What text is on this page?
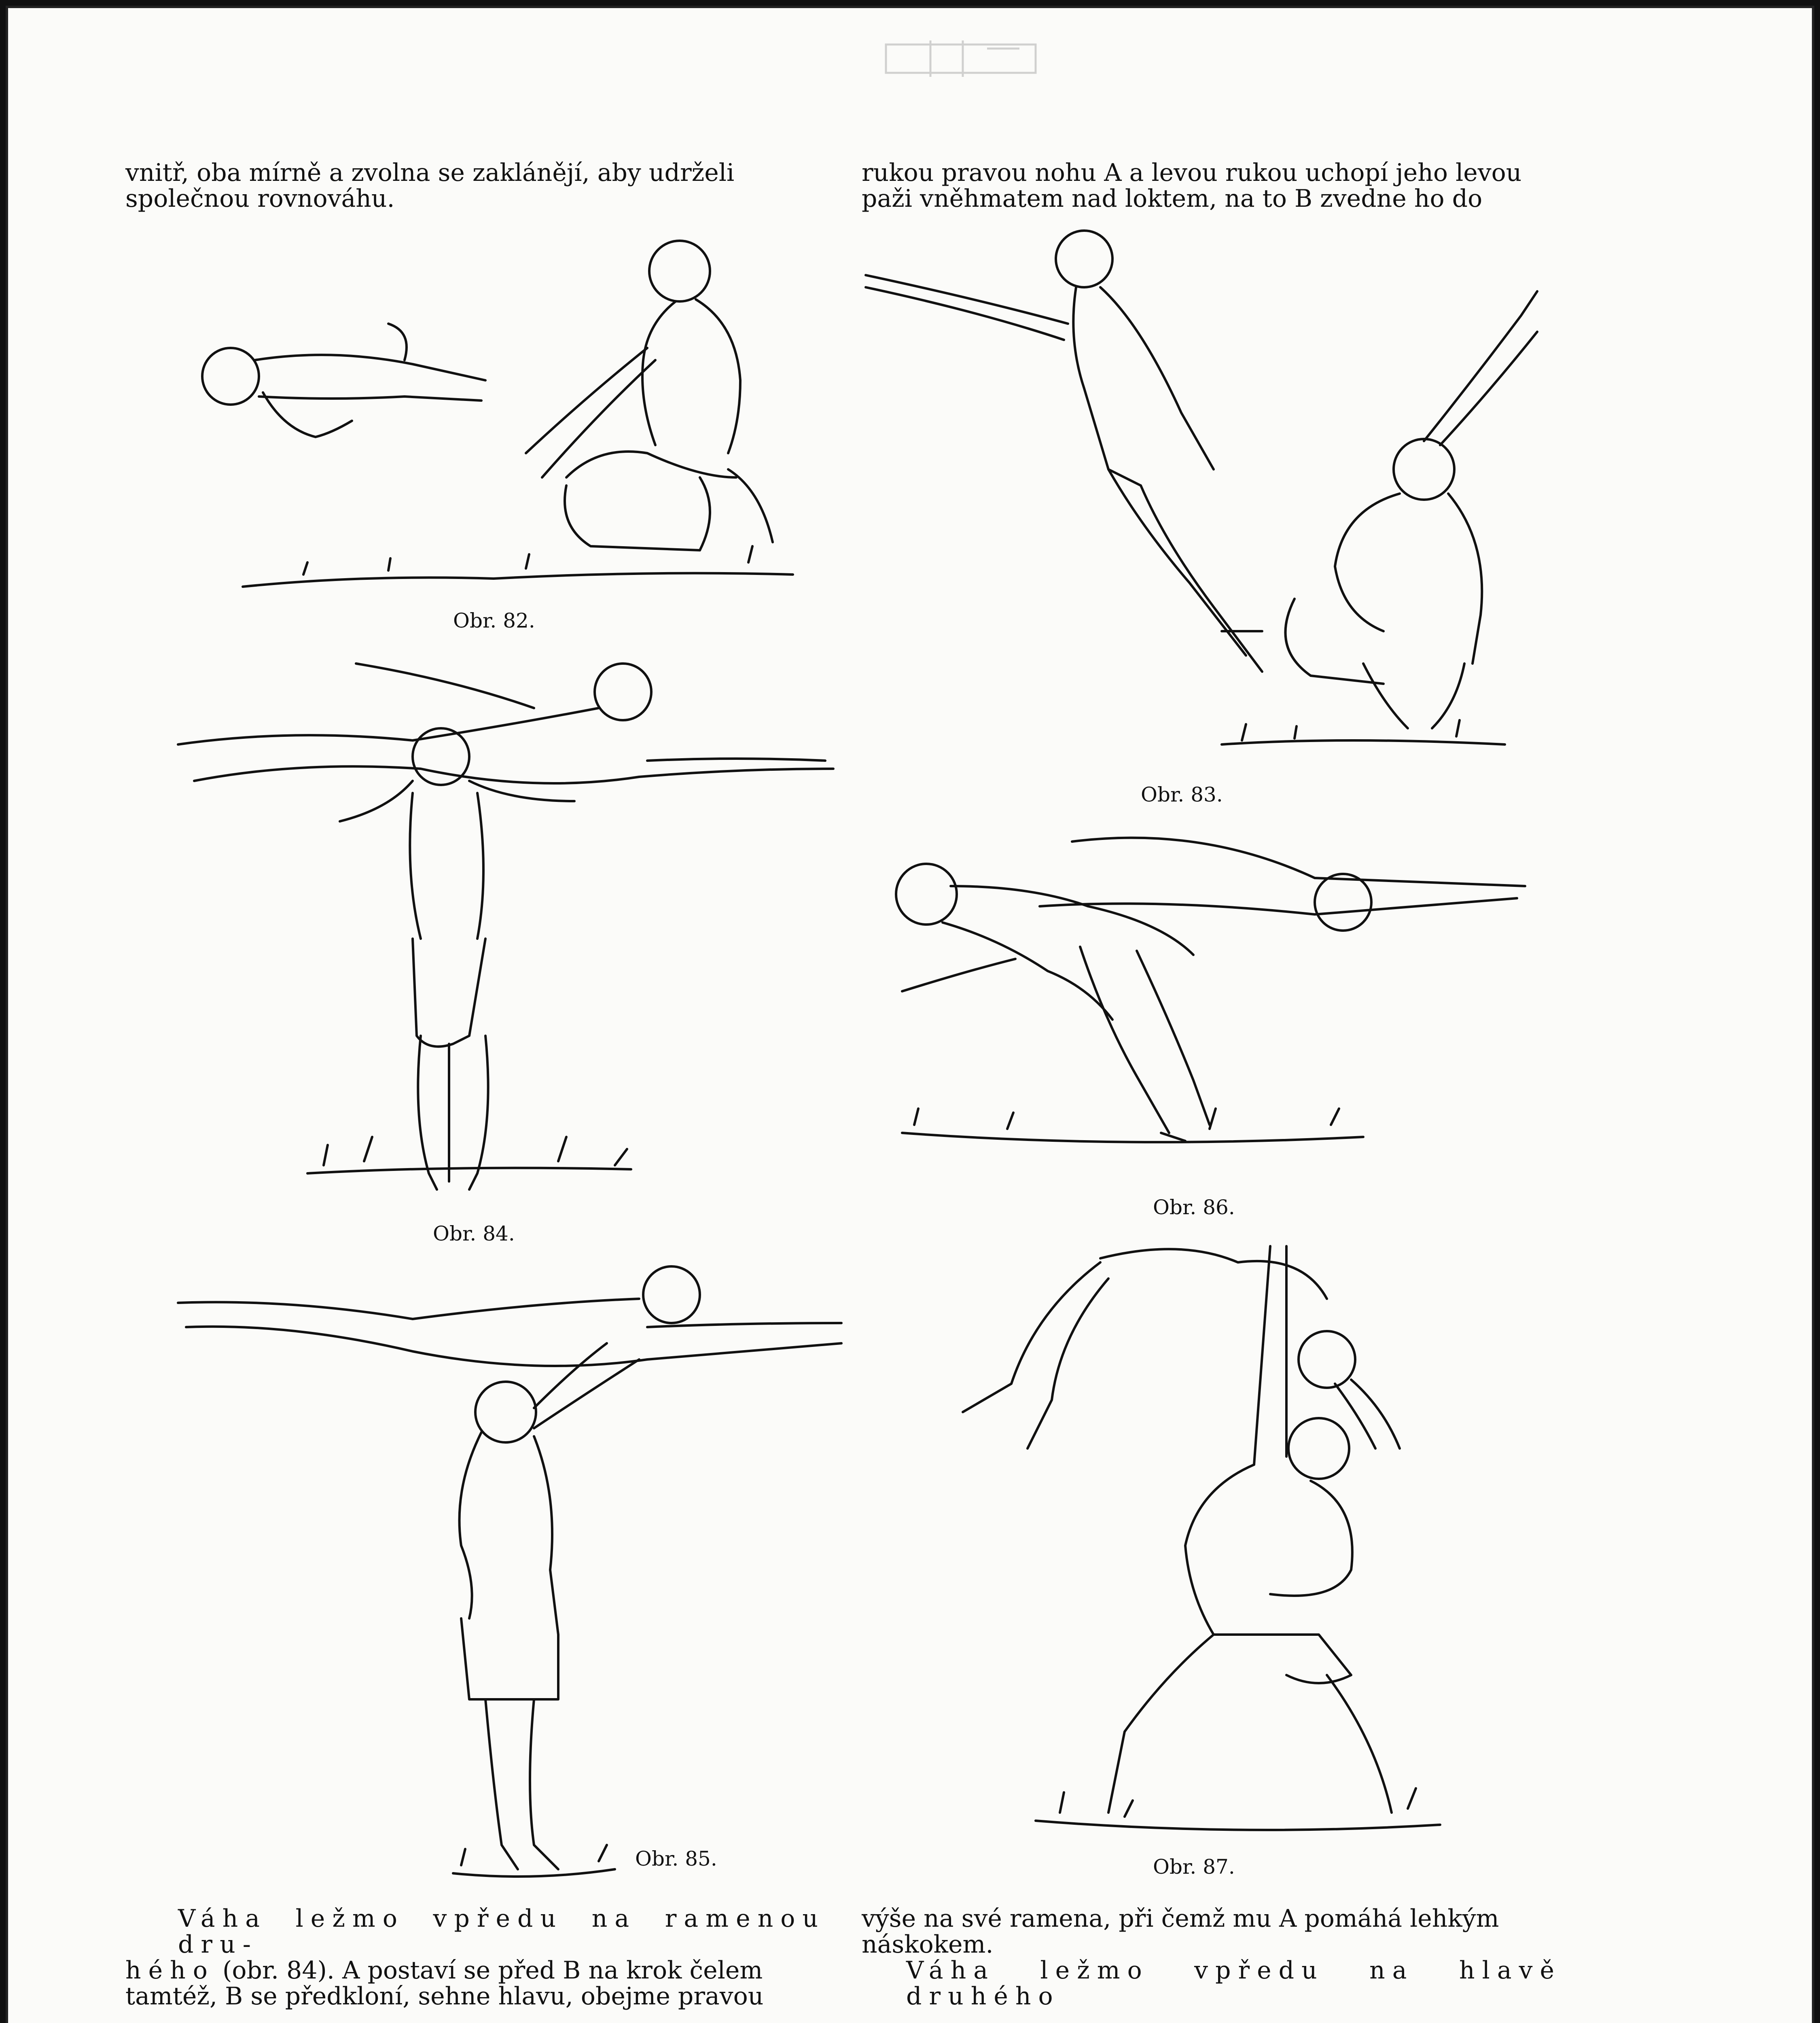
vnitř, oba mírně a zvolna se zaklánějí, aby udrželi

společnou rovnováhu.

rukou pravou nohu A a levou rukou uchopí jeho levou

paži vněhmatem nad loktem, na to B zvedne ho do

Obr. 82.
Obr. 83.
Obr. 84.
Obr. 86.
Obr. 85.	Obr. 87.

Váha ležmo vpředu na ramenou dru-

hého (obr. 84). A postaví se před B na krok čelem

tamtéž, B se předkloní, sehne hlavu, obejme pravou

výše na své ramena, při čemž mu A pomáhá lehkým

náskokem.

Váha ležmo vpředu na hlavě druhého
